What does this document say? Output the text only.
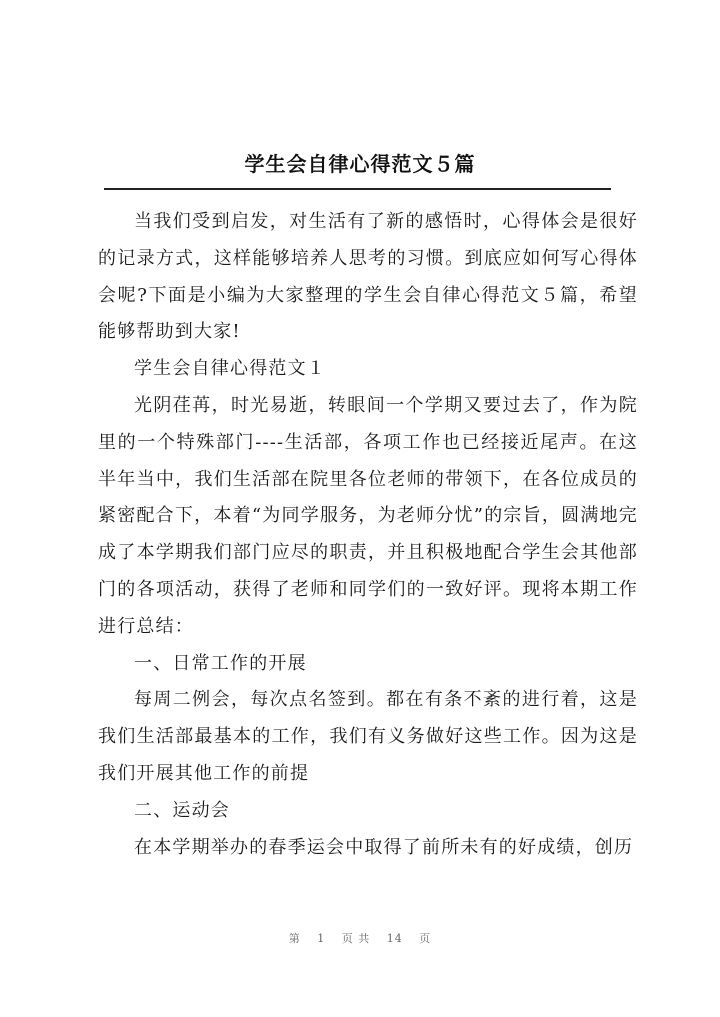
学生会自律心得范文５篇

当我们受到启发，对生活有了新的感悟时，心得体会是很好的记录方式，这样能够培养人思考的习惯。到底应如何写心得体会呢?下面是小编为大家整理的学生会自律心得范文５篇，希望能够帮助到大家!

学生会自律心得范文１

光阴荏苒，时光易逝，转眼间一个学期又要过去了，作为院里的一个特殊部门----生活部，各项工作也已经接近尾声。在这半年当中，我们生活部在院里各位老师的带领下，在各位成员的紧密配合下，本着“为同学服务，为老师分忧”的宗旨，圆满地完成了本学期我们部门应尽的职责，并且积极地配合学生会其他部门的各项活动，获得了老师和同学们的一致好评。现将本期工作进行总结：

一、日常工作的开展

每周二例会，每次点名签到。都在有条不紊的进行着，这是我们生活部最基本的工作，我们有义务做好这些工作。因为这是我们开展其他工作的前提

二、运动会

在本学期举办的春季运会中取得了前所未有的好成绩，创历

第 1 页 共 14 页
